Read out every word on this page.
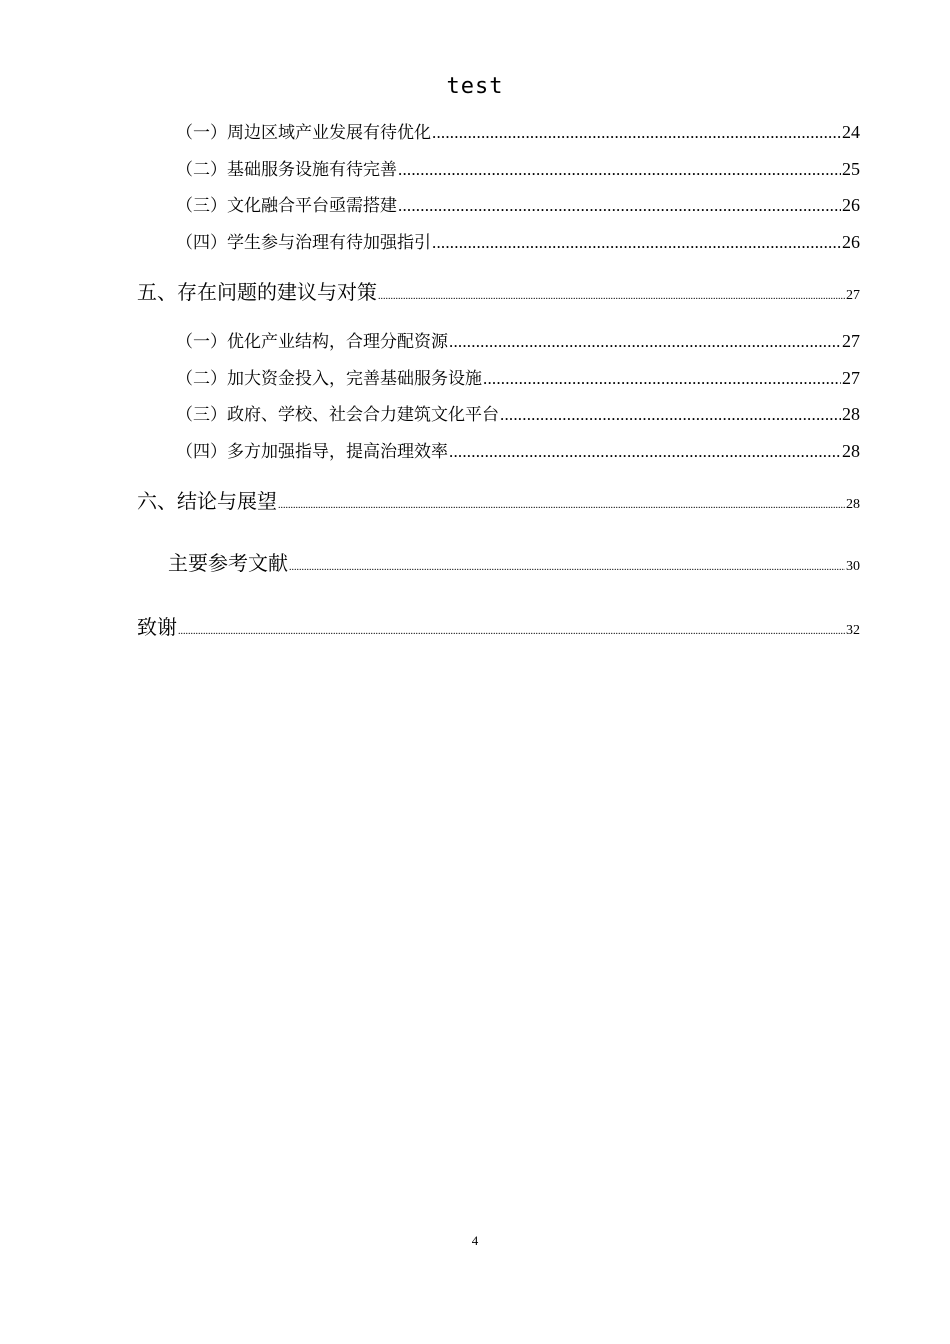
test
（一）周边区域产业发展有待优化 .....	24
（二）基础服务设施有待完善 .....	25
（三）文化融合平台亟需搭建 .....	26
（四）学生参与治理有待加强指引 .....	26
五、存在问题的建议与对策 .....	27
（一）优化产业结构，合理分配资源 .....	27
（二）加大资金投入，完善基础服务设施 .....	27
（三）政府、学校、社会合力建筑文化平台 .....	28
（四）多方加强指导，提高治理效率 .....	28
六、结论与展望 .....	28
主要参考文献 .....	30
致谢 .....	32
4
